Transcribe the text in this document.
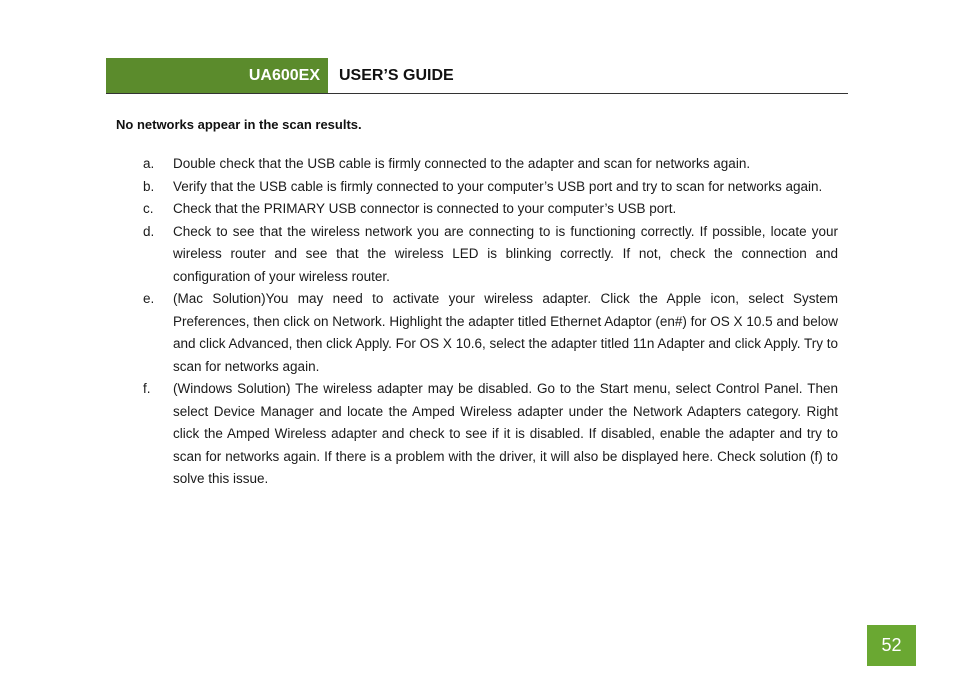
UA600EX USER’S GUIDE
No networks appear in the scan results.
a.	Double check that the USB cable is firmly connected to the adapter and scan for networks again.
b.	Verify that the USB cable is firmly connected to your computer’s USB port and try to scan for networks again.
c.	Check that the PRIMARY USB connector is connected to your computer’s USB port.
d.	Check to see that the wireless network you are connecting to is functioning correctly. If possible, locate your wireless router and see that the wireless LED is blinking correctly. If not, check the connection and configuration of your wireless router.
e.	(Mac Solution)You may need to activate your wireless adapter. Click the Apple icon, select System Preferences, then click on Network. Highlight the adapter titled Ethernet Adaptor (en#) for OS X 10.5 and below and click Advanced, then click Apply. For OS X 10.6, select the adapter titled 11n Adapter and click Apply. Try to scan for networks again.
f.	(Windows Solution) The wireless adapter may be disabled. Go to the Start menu, select Control Panel. Then select Device Manager and locate the Amped Wireless adapter under the Network Adapters category. Right click the Amped Wireless adapter and check to see if it is disabled. If disabled, enable the adapter and try to scan for networks again. If there is a problem with the driver, it will also be displayed here. Check solution (f) to solve this issue.
52
